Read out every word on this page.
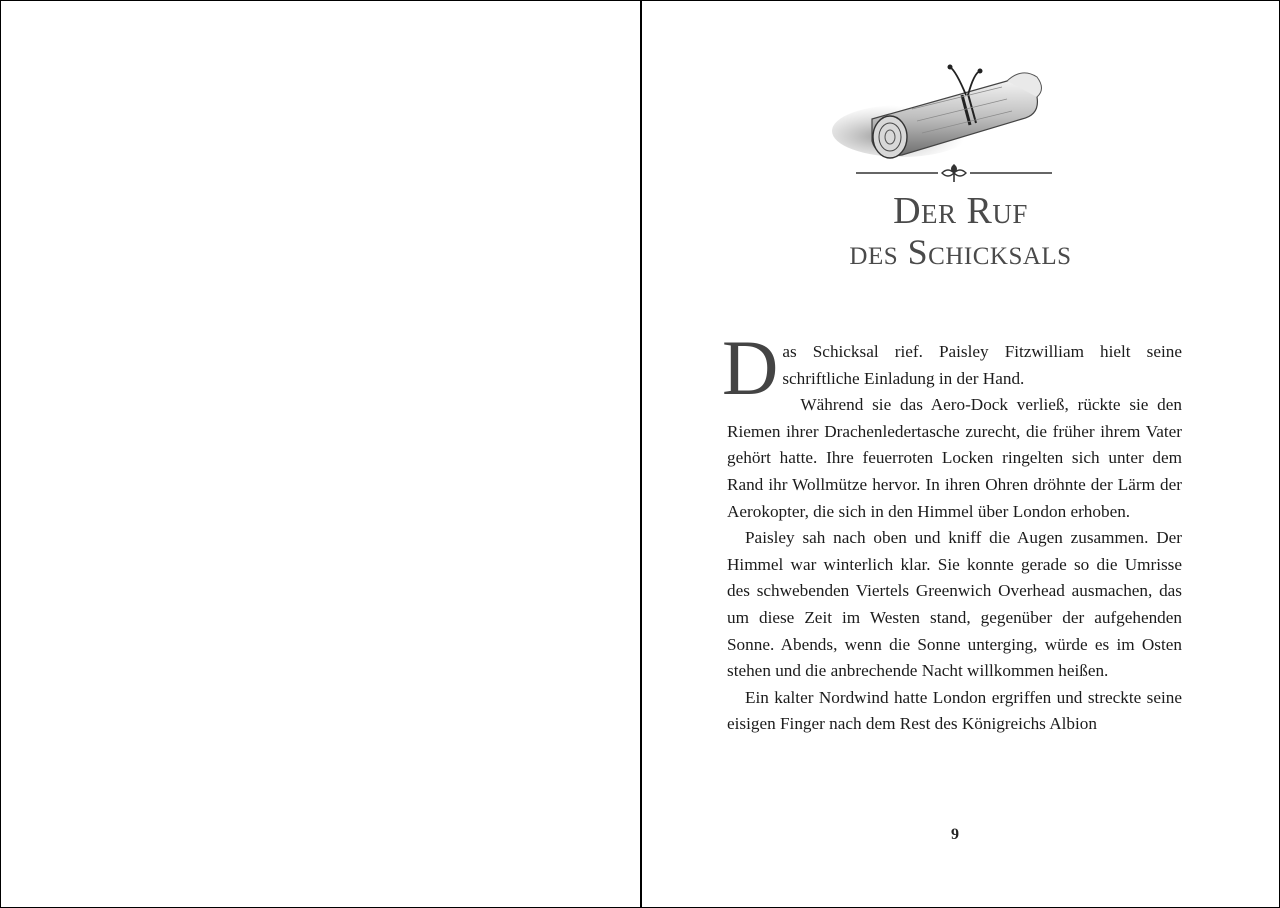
Der Ruf
des Schicksals

Das Schicksal rief. Paisley Fitzwilliam hielt seine schriftliche Einladung in der Hand.

Während sie das Aero-Dock verließ, rückte sie den Riemen ihrer Drachenledertasche zurecht, die früher ihrem Vater gehört hatte. Ihre feuerroten Locken ringelten sich unter dem Rand ihr Wollmütze hervor. In ihren Ohren dröhnte der Lärm der Aerokopter, die sich in den Himmel über London erhoben.

Paisley sah nach oben und kniff die Augen zusammen. Der Himmel war winterlich klar. Sie konnte gerade so die Umrisse des schwebenden Viertels Greenwich Overhead ausmachen, das um diese Zeit im Westen stand, gegenüber der aufgehenden Sonne. Abends, wenn die Sonne unterging, würde es im Osten stehen und die anbrechende Nacht willkommen heißen.

Ein kalter Nordwind hatte London ergriffen und streckte seine eisigen Finger nach dem Rest des Königreichs Albion

9
